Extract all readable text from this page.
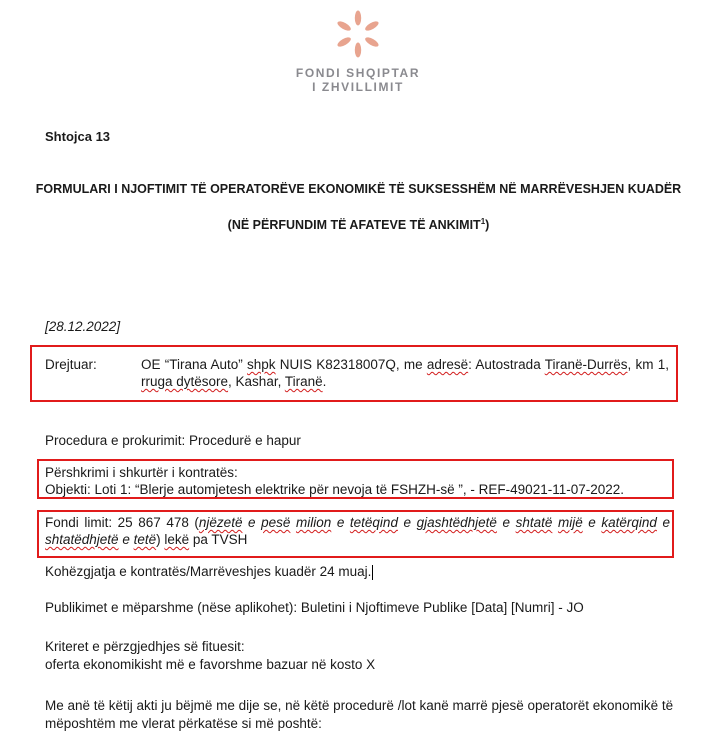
FONDI SHQIPTAR
I ZHVILLIMIT
Shtojca 13
FORMULARI I NJOFTIMIT TË OPERATORËVE EKONOMIKË TË SUKSESSHËM NË MARRËVESHJEN KUADËR
(NË PËRFUNDIM TË AFATEVE TË ANKIMIT$^1$)
[28.12.2022]
Drejtuar:	OE “Tirana Auto” shpk NUIS K82318007Q, me adresë: Autostrada Tiranë-Durrës, km 1, rruga dytësore, Kashar, Tiranë.
Procedura e prokurimit: Procedurë e hapur
Përshkrimi i shkurtër i kontratës:
Objekti: Loti 1: “Blerje automjetesh elektrike për nevoja të FSHZH-së ”, - REF-49021-11-07-2022.
Fondi limit: 25 867 478 (njëzetë e pesë milion e tetëqind e gjashtëdhjetë e shtatë mijë e katërqind e shtatëdhjetë e tetë) lekë pa TVSH
Kohëzgjatja e kontratës/Marrëveshjes kuadër 24 muaj.
Publikimet e mëparshme (nëse aplikohet): Buletini i Njoftimeve Publike [Data] [Numri] - JO
Kriteret e përzgjedhjes së fituesit:
oferta ekonomikisht më e favorshme bazuar në kosto X
Me anë të këtij akti ju bëjmë me dije se, në këtë procedurë /lot kanë marrë pjesë operatorët ekonomikë të
mëposhtëm me vlerat përkatëse si më poshtë:
